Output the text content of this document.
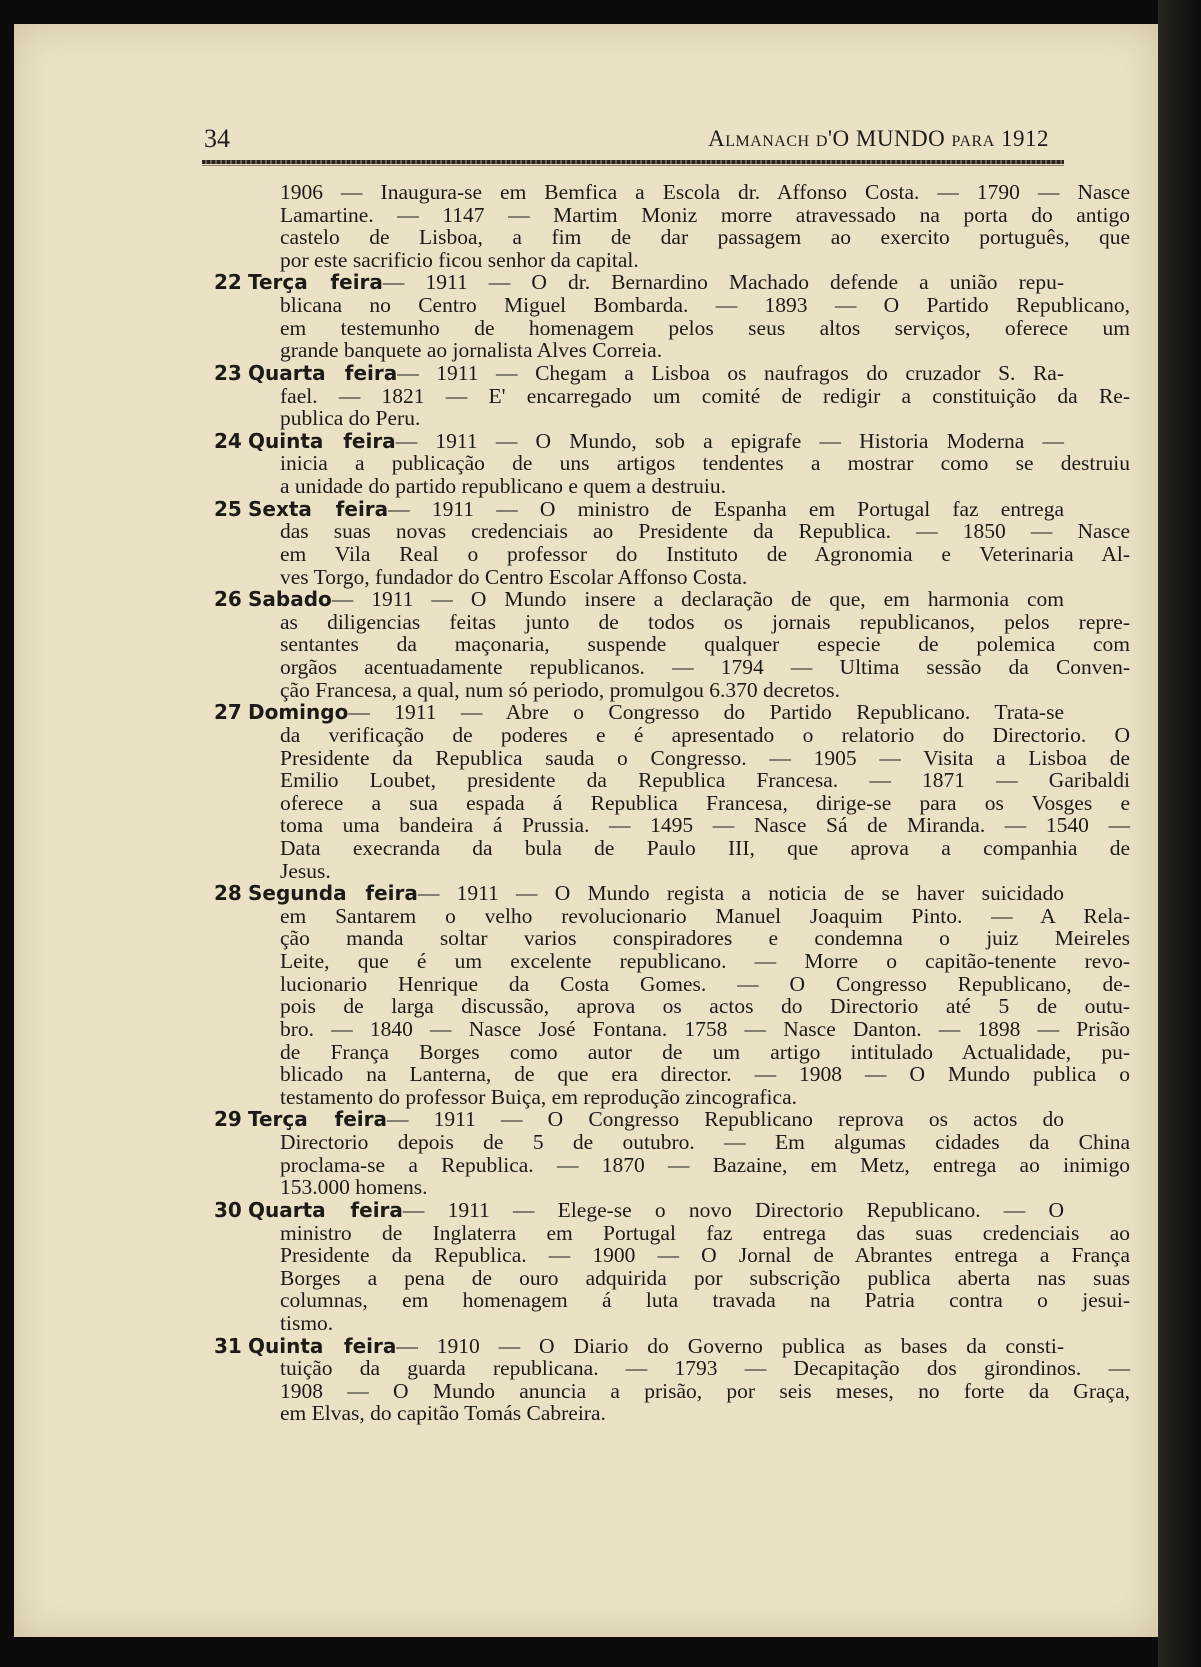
34	Almanach d'O MUNDO para 1912
1906 — Inaugura-se em Bemfica a Escola dr. Affonso Costa. — 1790 — Nasce
Lamartine. — 1147 — Martim Moniz morre atravessado na porta do antigo
castelo de Lisboa, a fim de dar passagem ao exercito português, que
por este sacrificio ficou senhor da capital.
22 Terça feira— 1911 — O dr. Bernardino Machado defende a união repu-
blicana no Centro Miguel Bombarda. — 1893 — O Partido Republicano,
em testemunho de homenagem pelos seus altos serviços, oferece um
grande banquete ao jornalista Alves Correia.
23 Quarta feira— 1911 — Chegam a Lisboa os naufragos do cruzador S. Ra-
fael. — 1821 — E' encarregado um comité de redigir a constituição da Re-
publica do Peru.
24 Quinta feira— 1911 — O Mundo, sob a epigrafe — Historia Moderna —
inicia a publicação de uns artigos tendentes a mostrar como se destruiu
a unidade do partido republicano e quem a destruiu.
25 Sexta feira— 1911 — O ministro de Espanha em Portugal faz entrega
das suas novas credenciais ao Presidente da Republica. — 1850 — Nasce
em Vila Real o professor do Instituto de Agronomia e Veterinaria Al-
ves Torgo, fundador do Centro Escolar Affonso Costa.
26 Sabado— 1911 — O Mundo insere a declaração de que, em harmonia com
as diligencias feitas junto de todos os jornais republicanos, pelos repre-
sentantes da maçonaria, suspende qualquer especie de polemica com
orgãos acentuadamente republicanos. — 1794 — Ultima sessão da Conven-
ção Francesa, a qual, num só periodo, promulgou 6.370 decretos.
27 Domingo— 1911 — Abre o Congresso do Partido Republicano. Trata-se
da verificação de poderes e é apresentado o relatorio do Directorio. O
Presidente da Republica sauda o Congresso. — 1905 — Visita a Lisboa de
Emilio Loubet, presidente da Republica Francesa. — 1871 — Garibaldi
oferece a sua espada á Republica Francesa, dirige-se para os Vosges e
toma uma bandeira á Prussia. — 1495 — Nasce Sá de Miranda. — 1540 —
Data execranda da bula de Paulo III, que aprova a companhia de
Jesus.
28 Segunda feira— 1911 — O Mundo regista a noticia de se haver suicidado
em Santarem o velho revolucionario Manuel Joaquim Pinto. — A Rela-
ção manda soltar varios conspiradores e condemna o juiz Meireles
Leite, que é um excelente republicano. — Morre o capitão-tenente revo-
lucionario Henrique da Costa Gomes. — O Congresso Republicano, de-
pois de larga discussão, aprova os actos do Directorio até 5 de outu-
bro. — 1840 — Nasce José Fontana. 1758 — Nasce Danton. — 1898 — Prisão
de França Borges como autor de um artigo intitulado Actualidade, pu-
blicado na Lanterna, de que era director. — 1908 — O Mundo publica o
testamento do professor Buiça, em reprodução zincografica.
29 Terça feira— 1911 — O Congresso Republicano reprova os actos do
Directorio depois de 5 de outubro. — Em algumas cidades da China
proclama-se a Republica. — 1870 — Bazaine, em Metz, entrega ao inimigo
153.000 homens.
30 Quarta feira— 1911 — Elege-se o novo Directorio Republicano. — O
ministro de Inglaterra em Portugal faz entrega das suas credenciais ao
Presidente da Republica. — 1900 — O Jornal de Abrantes entrega a França
Borges a pena de ouro adquirida por subscrição publica aberta nas suas
columnas, em homenagem á luta travada na Patria contra o jesui-
tismo.
31 Quinta feira— 1910 — O Diario do Governo publica as bases da consti-
tuição da guarda republicana. — 1793 — Decapitação dos girondinos. —
1908 — O Mundo anuncia a prisão, por seis meses, no forte da Graça,
em Elvas, do capitão Tomás Cabreira.
